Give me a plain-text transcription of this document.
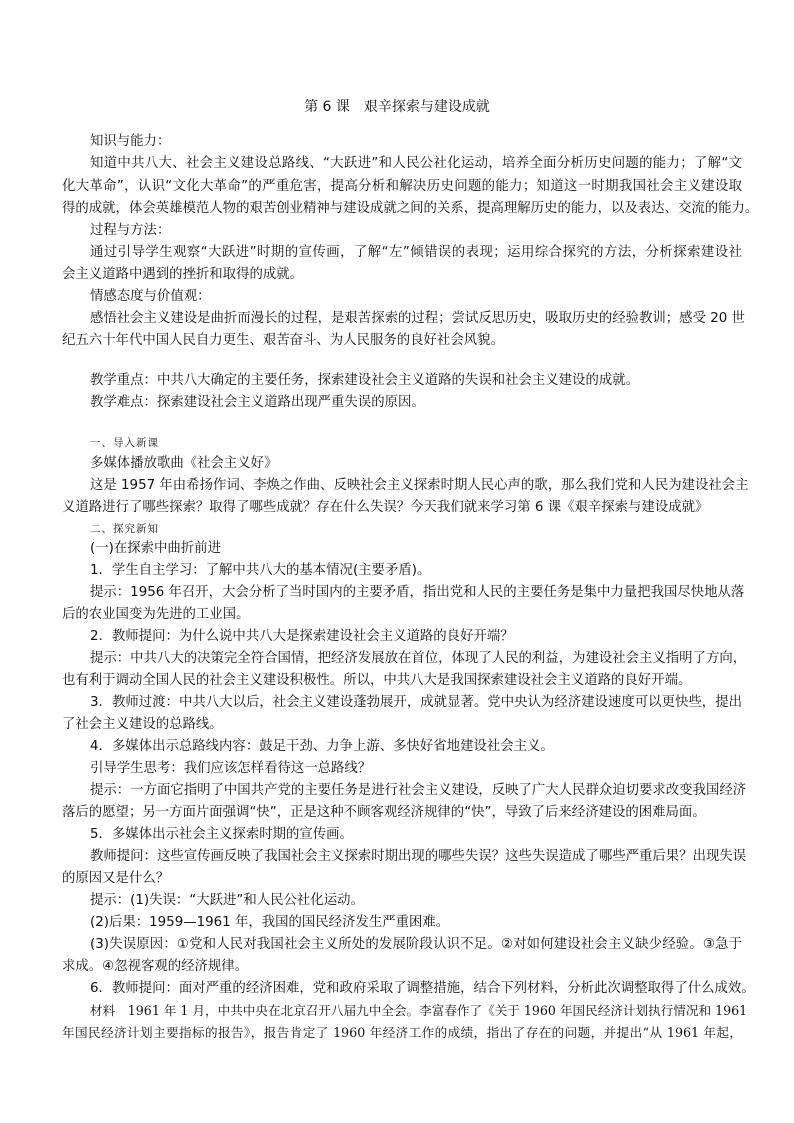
第 6 课　艰辛探索与建设成就
知识与能力：
知道中共八大、社会主义建设总路线、“大跃进”和人民公社化运动，培养全面分析历史问题的能力；了解“文
化大革命”，认识“文化大革命”的严重危害，提高分析和解决历史问题的能力；知道这一时期我国社会主义建设取
得的成就，体会英雄模范人物的艰苦创业精神与建设成就之间的关系，提高理解历史的能力，以及表达、交流的能力。
过程与方法：
通过引导学生观察“大跃进”时期的宣传画，了解“左”倾错误的表现；运用综合探究的方法，分析探索建设社
会主义道路中遇到的挫折和取得的成就。
情感态度与价值观：
感悟社会主义建设是曲折而漫长的过程，是艰苦探索的过程；尝试反思历史，吸取历史的经验教训；感受 20 世
纪五六十年代中国人民自力更生、艰苦奋斗、为人民服务的良好社会风貌。
教学重点：中共八大确定的主要任务，探索建设社会主义道路的失误和社会主义建设的成就。
教学难点：探索建设社会主义道路出现严重失误的原因。
一、导入新课
多媒体播放歌曲《社会主义好》
这是 1957 年由希扬作词、李焕之作曲、反映社会主义探索时期人民心声的歌，那么我们党和人民为建设社会主
义道路进行了哪些探索？取得了哪些成就？存在什么失误？今天我们就来学习第 6 课《艰辛探索与建设成就》
二、探究新知
(一)在探索中曲折前进
1．学生自主学习：了解中共八大的基本情况(主要矛盾)。
提示：1956 年召开，大会分析了当时国内的主要矛盾，指出党和人民的主要任务是集中力量把我国尽快地从落
后的农业国变为先进的工业国。
2．教师提问：为什么说中共八大是探索建设社会主义道路的良好开端？
提示：中共八大的决策完全符合国情，把经济发展放在首位，体现了人民的利益，为建设社会主义指明了方向，
也有利于调动全国人民的社会主义建设积极性。所以，中共八大是我国探索建设社会主义道路的良好开端。
3．教师过渡：中共八大以后，社会主义建设蓬勃展开，成就显著。党中央认为经济建设速度可以更快些，提出
了社会主义建设的总路线。
4．多媒体出示总路线内容：鼓足干劲、力争上游、多快好省地建设社会主义。
引导学生思考：我们应该怎样看待这一总路线？
提示：一方面它指明了中国共产党的主要任务是进行社会主义建设，反映了广大人民群众迫切要求改变我国经济
落后的愿望；另一方面片面强调“快”，正是这种不顾客观经济规律的“快”，导致了后来经济建设的困难局面。
5．多媒体出示社会主义探索时期的宣传画。
教师提问：这些宣传画反映了我国社会主义探索时期出现的哪些失误？这些失误造成了哪些严重后果？出现失误
的原因又是什么？
提示：(1)失误：“大跃进”和人民公社化运动。
(2)后果：1959—1961 年，我国的国民经济发生严重困难。
(3)失误原因：①党和人民对我国社会主义所处的发展阶段认识不足。②对如何建设社会主义缺少经验。③急于
求成。④忽视客观的经济规律。
6．教师提问：面对严重的经济困难，党和政府采取了调整措施，结合下列材料，分析此次调整取得了什么成效。
材料　1961 年 1 月，中共中央在北京召开八届九中全会。李富春作了《关于 1960 年国民经济计划执行情况和 1961
年国民经济计划主要指标的报告》，报告肯定了 1960 年经济工作的成绩，指出了存在的问题，并提出“从 1961 年起，
